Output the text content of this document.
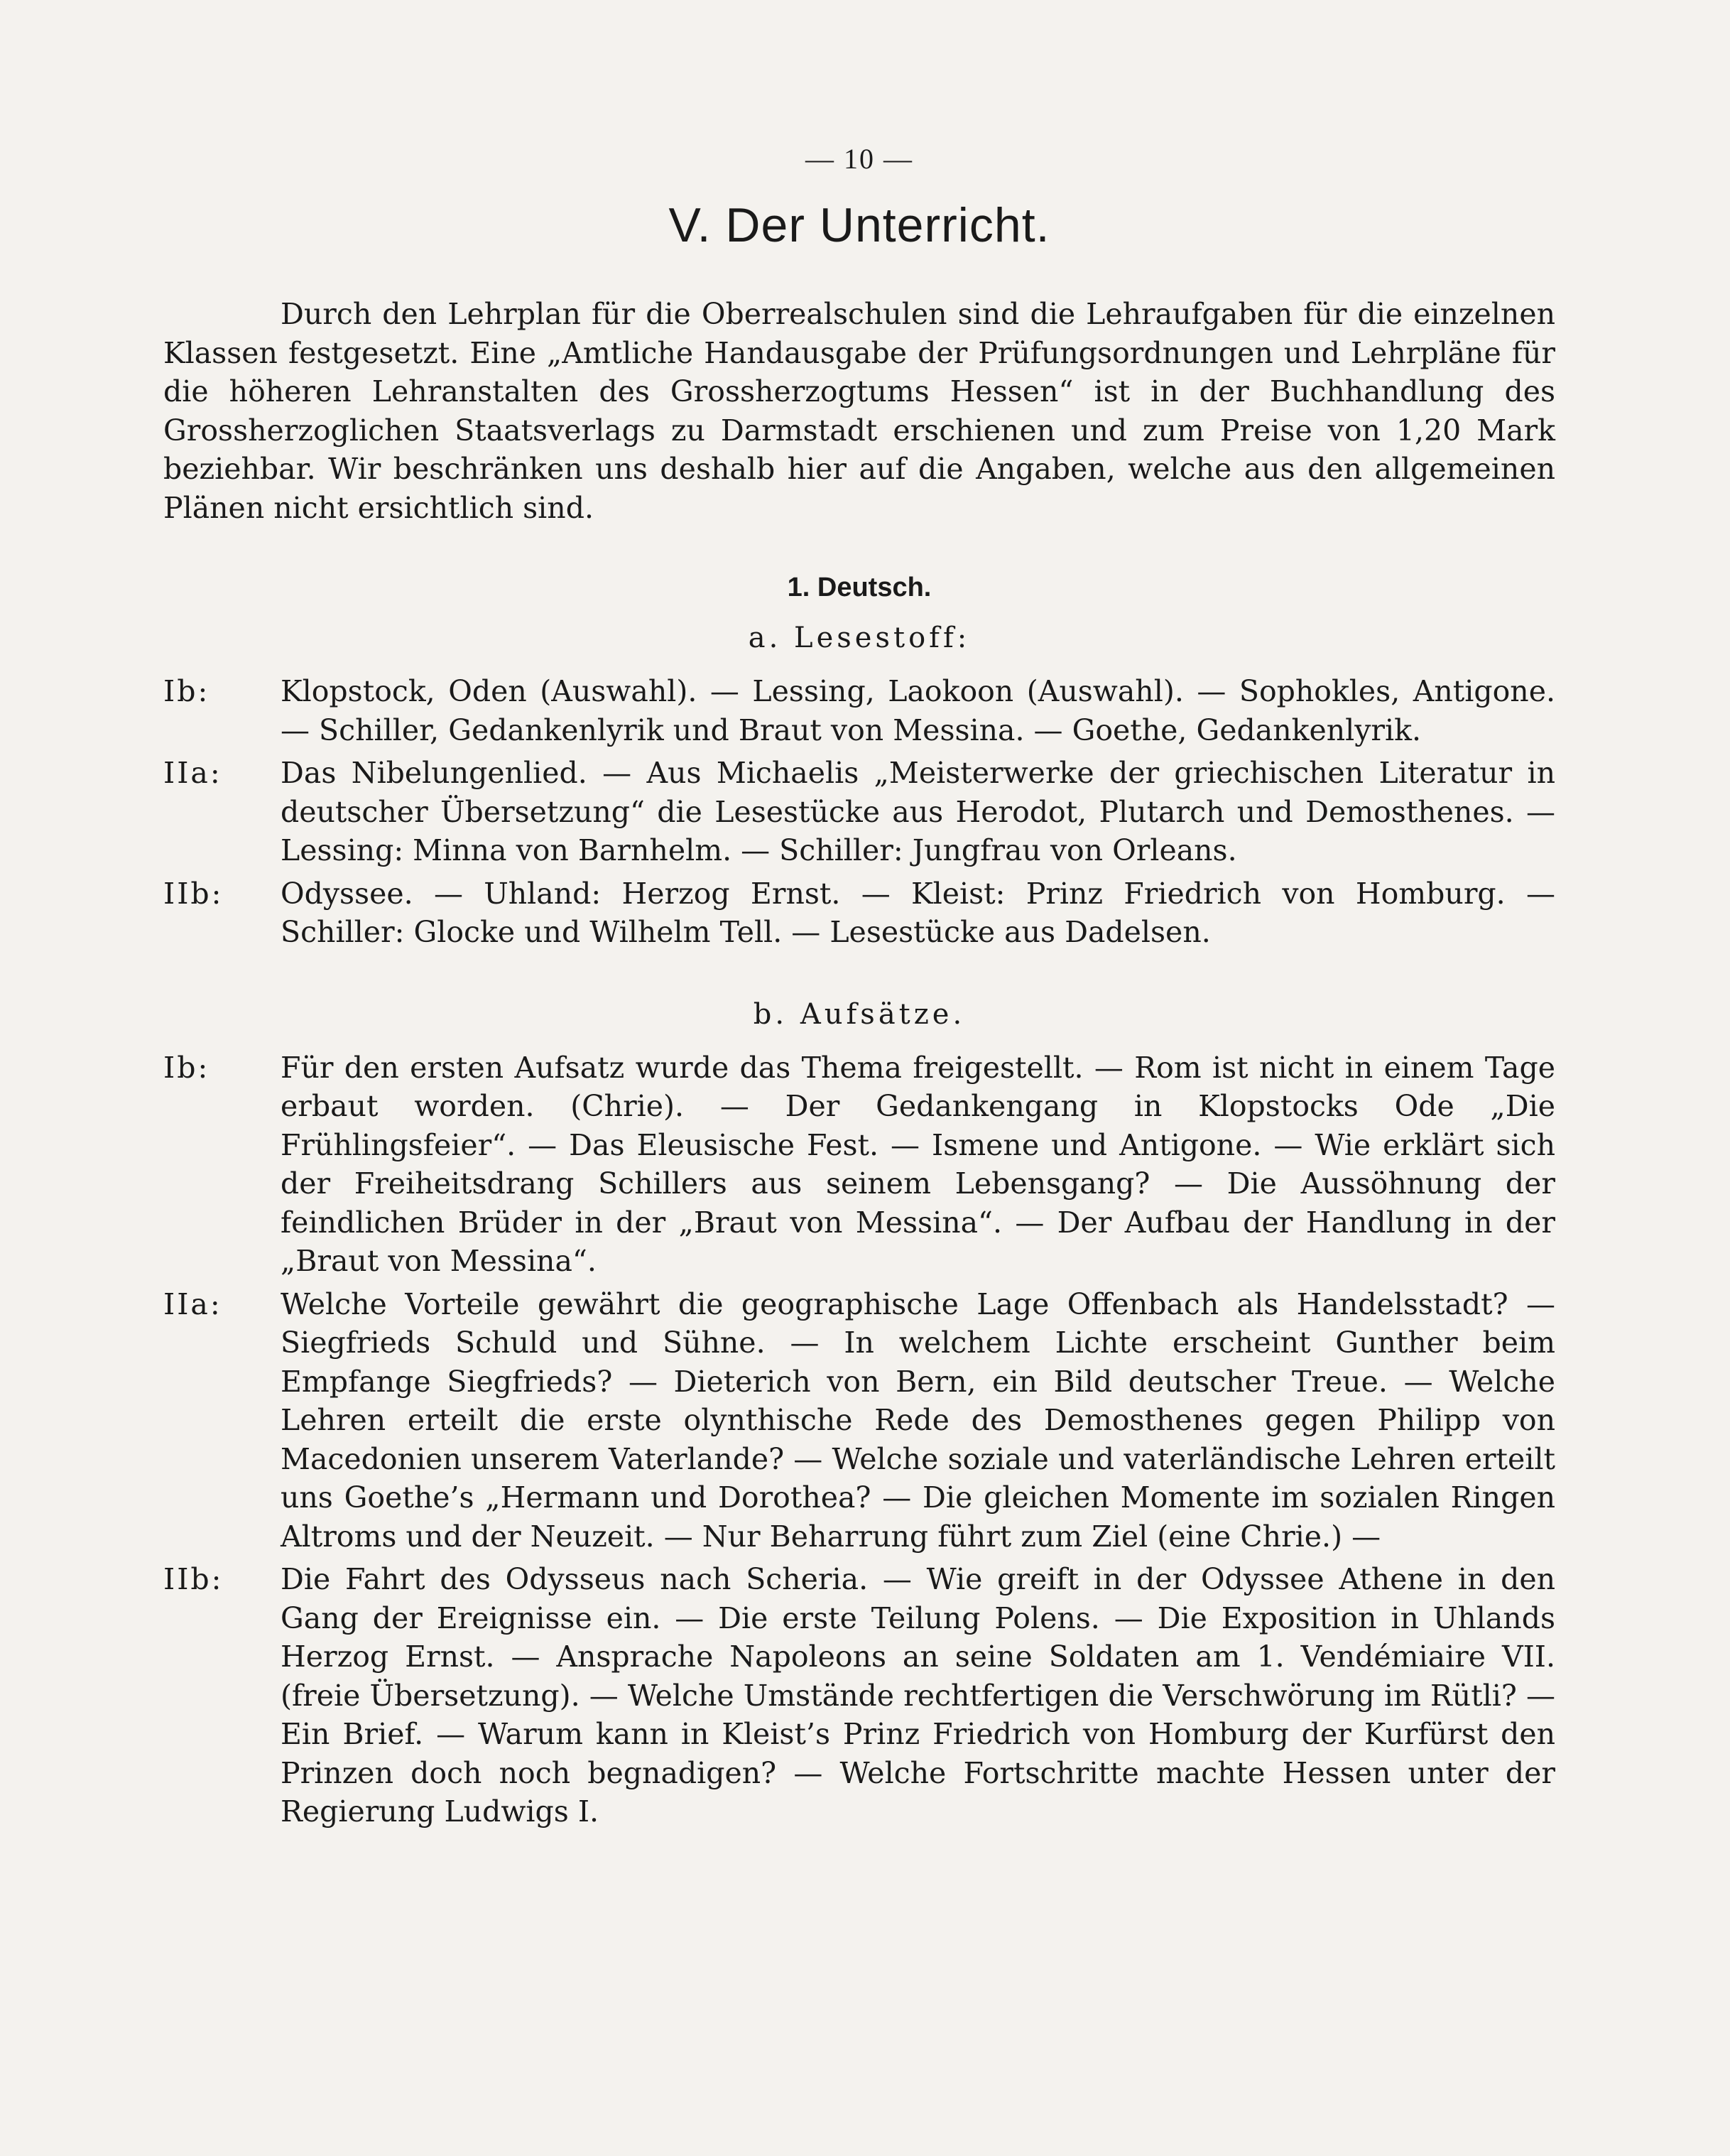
— 10 —
V. Der Unterricht.

Durch den Lehrplan für die Oberrealschulen sind die Lehraufgaben für die einzelnen Klassen festgesetzt. Eine „Amtliche Handausgabe der Prüfungsordnungen und Lehrpläne für die höheren Lehranstalten des Grossherzogtums Hessen“ ist in der Buchhandlung des Grossherzoglichen Staatsverlags zu Darmstadt erschienen und zum Preise von 1,20 Mark beziehbar. Wir beschränken uns deshalb hier auf die Angaben, welche aus den allgemeinen Plänen nicht ersichtlich sind.

1. Deutsch.
a. Lesestoff:
Ib:	Klopstock, Oden (Auswahl). — Lessing, Laokoon (Auswahl). — Sophokles, Antigone. — Schiller, Gedankenlyrik und Braut von Messina. — Goethe, Gedankenlyrik.
IIa:	Das Nibelungenlied. — Aus Michaelis „Meisterwerke der griechischen Literatur in deutscher Übersetzung“ die Lesestücke aus Herodot, Plutarch und Demosthenes. — Lessing: Minna von Barnhelm. — Schiller: Jungfrau von Orleans.
IIb:	Odyssee. — Uhland: Herzog Ernst. — Kleist: Prinz Friedrich von Homburg. — Schiller: Glocke und Wilhelm Tell. — Lesestücke aus Dadelsen.
b. Aufsätze.
Ib:	Für den ersten Aufsatz wurde das Thema freigestellt. — Rom ist nicht in einem Tage erbaut worden. (Chrie). — Der Gedankengang in Klopstocks Ode „Die Frühlingsfeier“. — Das Eleusische Fest. — Ismene und Antigone. — Wie erklärt sich der Freiheitsdrang Schillers aus seinem Lebensgang? — Die Aussöhnung der feindlichen Brüder in der „Braut von Messina“. — Der Aufbau der Handlung in der „Braut von Messina“.
IIa:	Welche Vorteile gewährt die geographische Lage Offenbach als Handelsstadt? — Siegfrieds Schuld und Sühne. — In welchem Lichte erscheint Gunther beim Empfange Siegfrieds? — Dieterich von Bern, ein Bild deutscher Treue. — Welche Lehren erteilt die erste olynthische Rede des Demosthenes gegen Philipp von Macedonien unserem Vaterlande? — Welche soziale und vaterländische Lehren erteilt uns Goethe’s „Hermann und Dorothea? — Die gleichen Momente im sozialen Ringen Altroms und der Neuzeit. — Nur Beharrung führt zum Ziel (eine Chrie.) —
IIb:	Die Fahrt des Odysseus nach Scheria. — Wie greift in der Odyssee Athene in den Gang der Ereignisse ein. — Die erste Teilung Polens. — Die Exposition in Uhlands Herzog Ernst. — Ansprache Napoleons an seine Soldaten am 1. Vendémiaire VII. (freie Übersetzung). — Welche Umstände rechtfertigen die Verschwörung im Rütli? — Ein Brief. — Warum kann in Kleist’s Prinz Friedrich von Homburg der Kurfürst den Prinzen doch noch begnadigen? — Welche Fortschritte machte Hessen unter der Regierung Ludwigs I.
